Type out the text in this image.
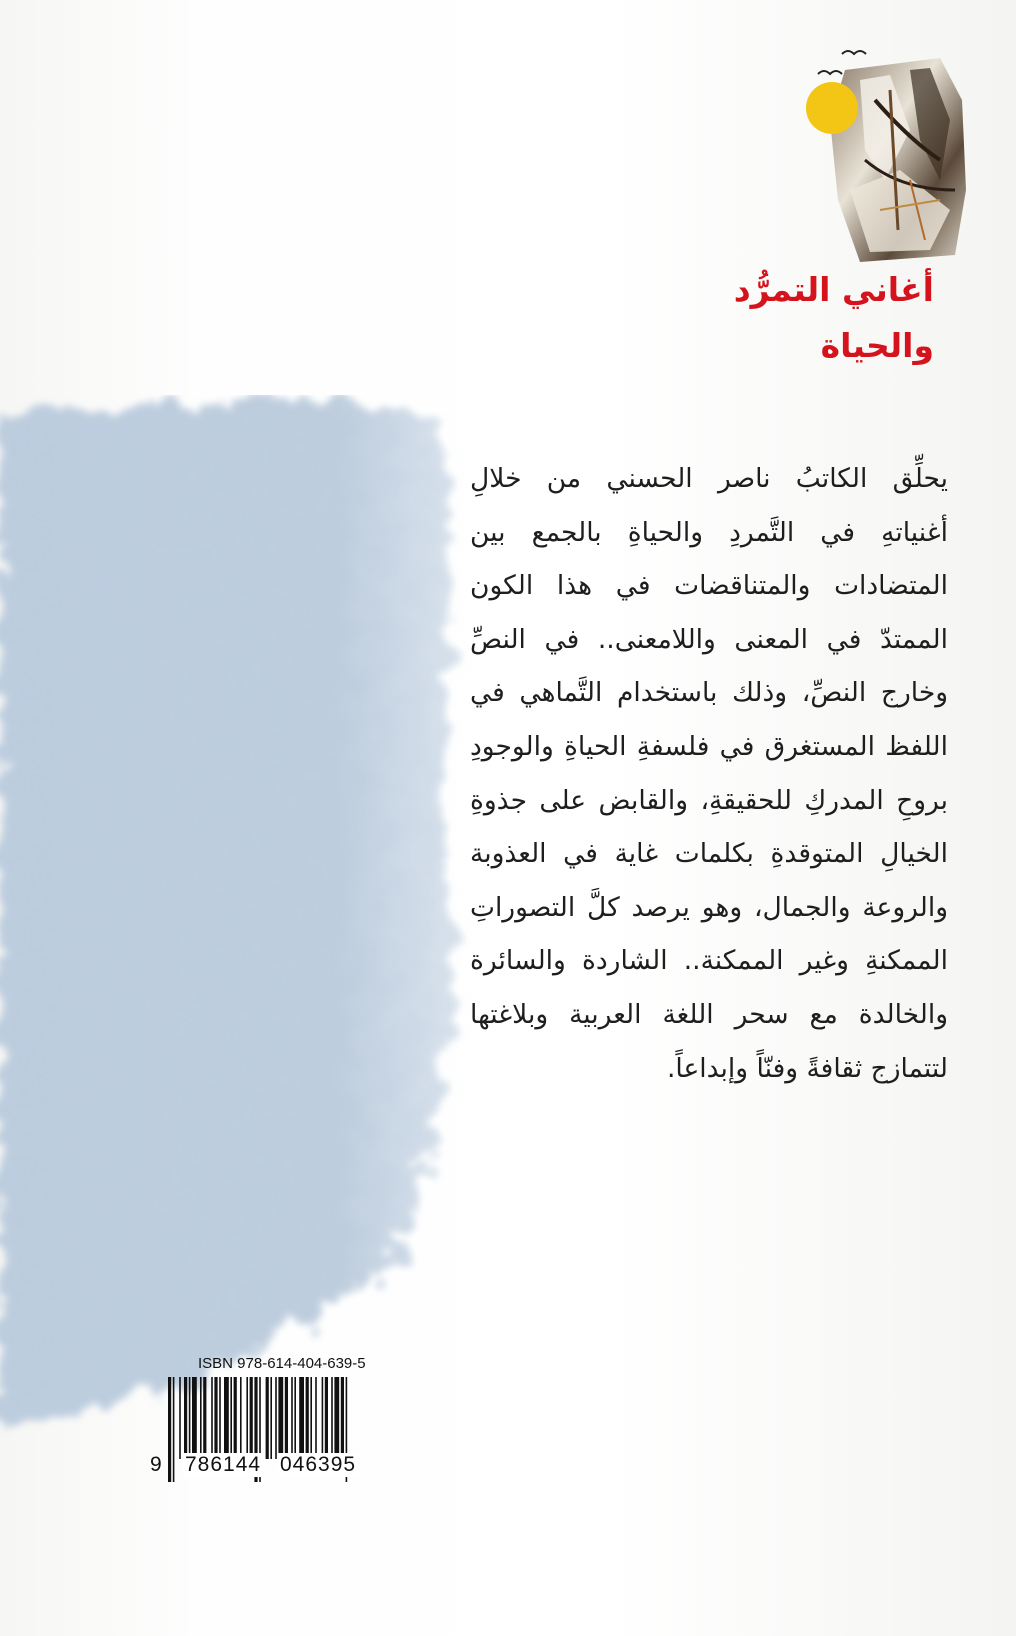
أغاني التمرُّد والحياة
يحلِّق الكاتبُ ناصر الحسني من خلالِ
أغنياتهِ في التَّمردِ والحياةِ بالجمع بين
المتضادات والمتناقضات في هذا الكون
الممتدّ في المعنى واللامعنى.. في النصِّ
وخارج النصِّ، وذلك باستخدام التَّماهي في
اللفظ المستغرق في فلسفةِ الحياةِ والوجودِ
بروحِ المدركِ للحقيقةِ، والقابض على جذوةِ
الخيالِ المتوقدةِ بكلمات غاية في العذوبة
والروعة والجمال، وهو يرصد كلَّ التصوراتِ
الممكنةِ وغير الممكنة.. الشاردة والسائرة
والخالدة مع سحر اللغة العربية وبلاغتها
لتتمازج ثقافةً وفنّاً وإبداعاً.
ISBN 978-614-404-639-5
9 786144 046395
